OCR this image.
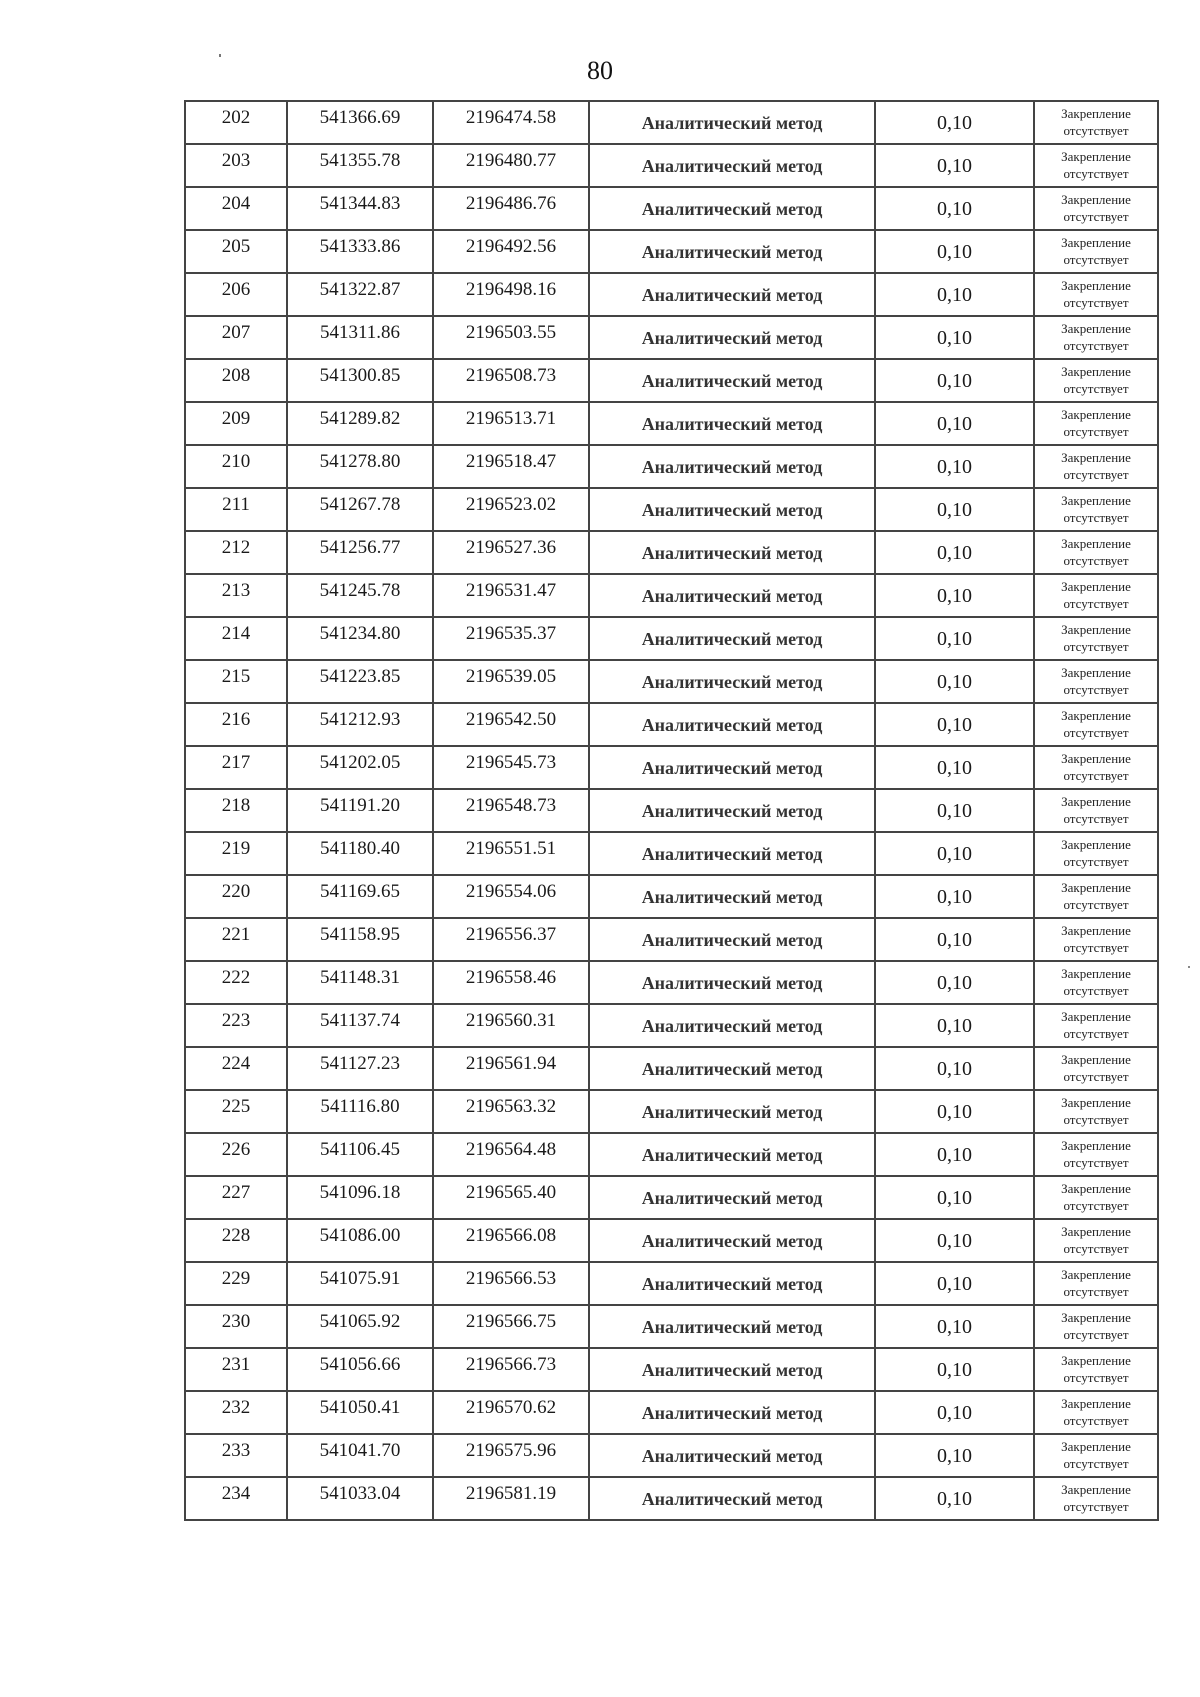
80
202	541366.69	2196474.58	Аналитический метод	0,10	Закрепление
отсутствует

203	541355.78	2196480.77	Аналитический метод	0,10	Закрепление
отсутствует

204	541344.83	2196486.76	Аналитический метод	0,10	Закрепление
отсутствует

205	541333.86	2196492.56	Аналитический метод	0,10	Закрепление
отсутствует

206	541322.87	2196498.16	Аналитический метод	0,10	Закрепление
отсутствует

207	541311.86	2196503.55	Аналитический метод	0,10	Закрепление
отсутствует

208	541300.85	2196508.73	Аналитический метод	0,10	Закрепление
отсутствует

209	541289.82	2196513.71	Аналитический метод	0,10	Закрепление
отсутствует

210	541278.80	2196518.47	Аналитический метод	0,10	Закрепление
отсутствует

211	541267.78	2196523.02	Аналитический метод	0,10	Закрепление
отсутствует

212	541256.77	2196527.36	Аналитический метод	0,10	Закрепление
отсутствует

213	541245.78	2196531.47	Аналитический метод	0,10	Закрепление
отсутствует

214	541234.80	2196535.37	Аналитический метод	0,10	Закрепление
отсутствует

215	541223.85	2196539.05	Аналитический метод	0,10	Закрепление
отсутствует

216	541212.93	2196542.50	Аналитический метод	0,10	Закрепление
отсутствует

217	541202.05	2196545.73	Аналитический метод	0,10	Закрепление
отсутствует

218	541191.20	2196548.73	Аналитический метод	0,10	Закрепление
отсутствует

219	541180.40	2196551.51	Аналитический метод	0,10	Закрепление
отсутствует

220	541169.65	2196554.06	Аналитический метод	0,10	Закрепление
отсутствует

221	541158.95	2196556.37	Аналитический метод	0,10	Закрепление
отсутствует

222	541148.31	2196558.46	Аналитический метод	0,10	Закрепление
отсутствует

223	541137.74	2196560.31	Аналитический метод	0,10	Закрепление
отсутствует

224	541127.23	2196561.94	Аналитический метод	0,10	Закрепление
отсутствует

225	541116.80	2196563.32	Аналитический метод	0,10	Закрепление
отсутствует

226	541106.45	2196564.48	Аналитический метод	0,10	Закрепление
отсутствует

227	541096.18	2196565.40	Аналитический метод	0,10	Закрепление
отсутствует

228	541086.00	2196566.08	Аналитический метод	0,10	Закрепление
отсутствует

229	541075.91	2196566.53	Аналитический метод	0,10	Закрепление
отсутствует

230	541065.92	2196566.75	Аналитический метод	0,10	Закрепление
отсутствует

231	541056.66	2196566.73	Аналитический метод	0,10	Закрепление
отсутствует

232	541050.41	2196570.62	Аналитический метод	0,10	Закрепление
отсутствует

233	541041.70	2196575.96	Аналитический метод	0,10	Закрепление
отсутствует

234	541033.04	2196581.19	Аналитический метод	0,10	Закрепление
отсутствует
